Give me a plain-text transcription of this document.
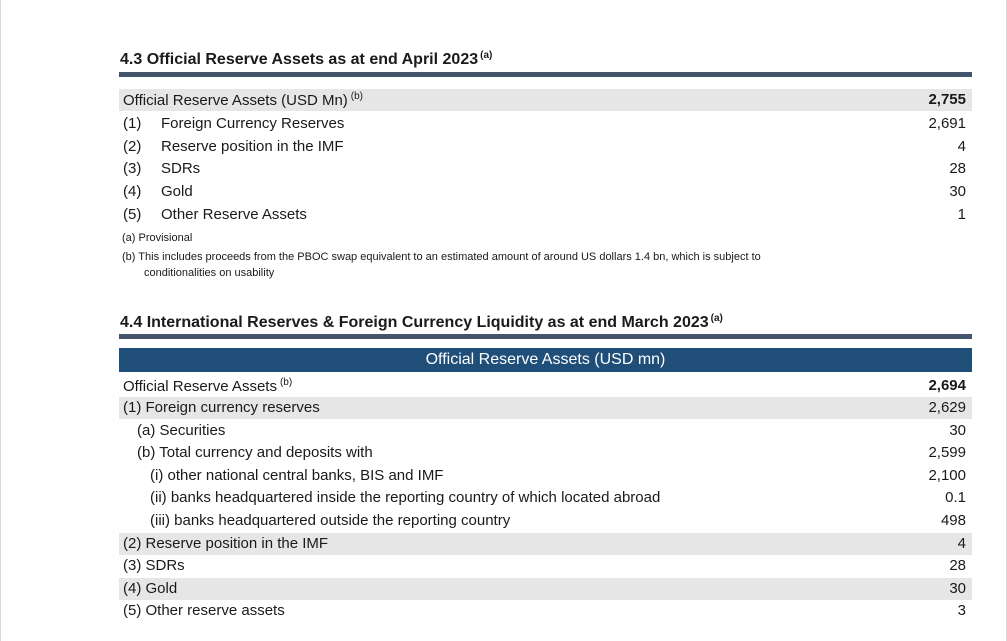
4.3 Official Reserve Assets as at end April 2023 $^{(a)}$
Official Reserve Assets (USD Mn) $^{(b)}$	2,755
(1) Foreign Currency Reserves	2,691
(2) Reserve position in the IMF	4
(3) SDRs	28
(4) Gold	30
(5) Other Reserve Assets	1
(a) Provisional
(b) This includes proceeds from the PBOC swap equivalent to an estimated amount of around US dollars 1.4 bn, which is subject to
conditionalities on usability
4.4 International Reserves & Foreign Currency Liquidity as at end March 2023 $^{(a)}$
Official Reserve Assets (USD mn)
Official Reserve Assets $^{(b)}$	2,694
(1) Foreign currency reserves	2,629
(a) Securities	30
(b) Total currency and deposits with	2,599
(i) other national central banks, BIS and IMF	2,100
(ii) banks headquartered inside the reporting country of which located abroad	0.1
(iii) banks headquartered outside the reporting country	498
(2) Reserve position in the IMF	4
(3) SDRs	28
(4) Gold	30
(5) Other reserve assets	3
